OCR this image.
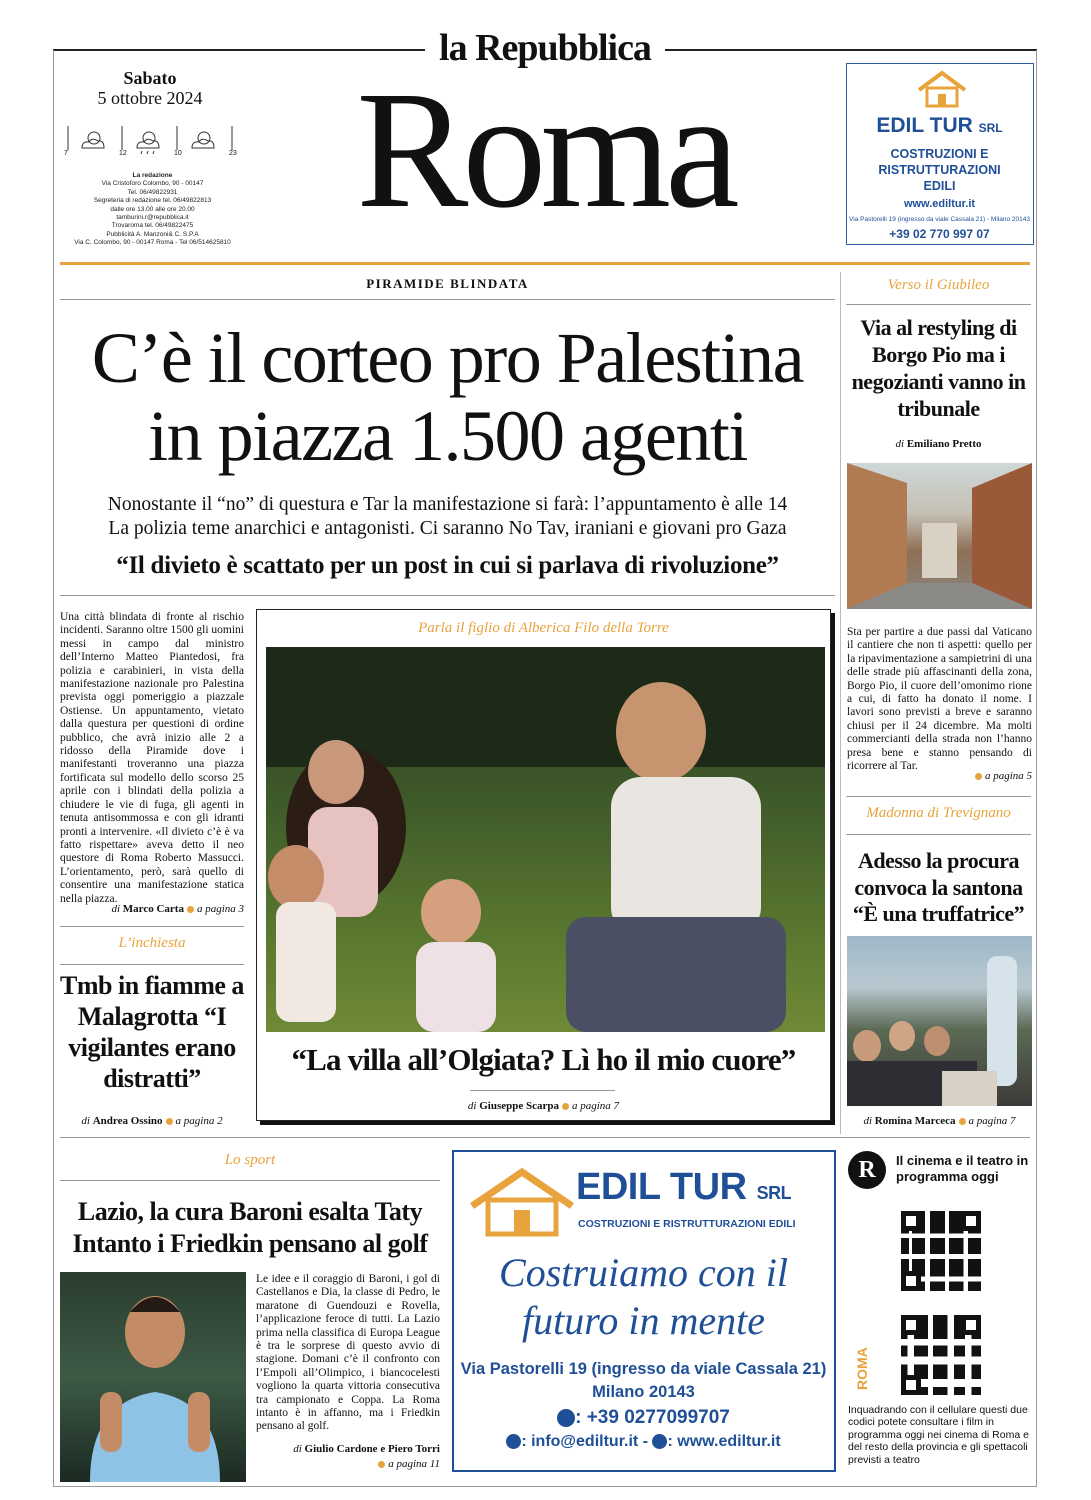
la Repubblica
Sabato
5 ottobre 2024
7	12	10	23
La redazione
Via Cristoforo Colombo, 90 - 00147
Tel. 06/49822931
Segreteria di redazione tel. 06/49822813
dalle ore 13.00 alle ore 20.00
tamburini.r@repubblica.it
Trovaroma tel. 06/49822475
Pubblicità A. Manzoni& C. S.P.A
Via C. Colombo, 90 - 00147 Roma - Tel 06/514625810 Roma	EDIL TUR SRL
COSTRUZIONI E RISTRUTTURAZIONI EDILI
www.ediltur.it
Via Pastorelli 19 (ingresso da viale Cassala 21) - Milano 20143
+39 02 770 997 07
PIRAMIDE BLINDATA
C’è il corteo pro Palestina
in piazza 1.500 agenti
Nonostante il “no” di questura e Tar la manifestazione si farà: l’appuntamento è alle 14
La polizia teme anarchici e antagonisti. Ci saranno No Tav, iraniani e giovani pro Gaza
“Il divieto è scattato per un post in cui si parlava di rivoluzione”
Una città blindata di fronte al rischio incidenti. Saranno oltre 1500 gli uomini messi in campo dal ministro dell’Interno Matteo Piantedosi, fra polizia e carabinieri, in vista della manifestazione nazionale pro Palestina prevista oggi pomeriggio a piazzale Ostiense. Un appuntamento, vietato dalla questura per questioni di ordine pubblico, che avrà inizio alle 2 a ridosso della Piramide dove i manifestanti troveranno una piazza fortificata sul modello dello scorso 25 aprile con i blindati della polizia a chiudere le vie di fuga, gli agenti in tenuta antisommossa e con gli idranti pronti a intervenire. «Il divieto c’è è va fatto rispettare» aveva detto il neo questore di Roma Roberto Massucci. L’orientamento, però, sarà quello di consentire una manifestazione statica nella piazza.
di Marco Carta a pagina 3
L’inchiesta
Tmb in fiamme a Malagrotta “I vigilantes erano distratti”
di Andrea Ossino a pagina 2
Parla il figlio di Alberica Filo della Torre
“La villa all’Olgiata? Lì ho il mio cuore”
di Giuseppe Scarpa a pagina 7
Verso il Giubileo
Via al restyling di Borgo Pio ma i negozianti vanno in tribunale
di Emiliano Pretto
Sta per partire a due passi dal Vaticano il cantiere che non ti aspetti: quello per la ripavimentazione a sampietrini di una delle strade più affascinanti della zona, Borgo Pio, il cuore dell’omonimo rione a cui, di fatto ha donato il nome. I lavori sono previsti a breve e saranno chiusi per il 24 dicembre. Ma molti commercianti della strada non l’hanno presa bene e stanno pensando di ricorrere al Tar.
a pagina 5
Madonna di Trevignano
Adesso la procura convoca la santona “È una truffatrice”
di Romina Marceca a pagina 7
Lo sport
Lazio, la cura Baroni esalta Taty
Intanto i Friedkin pensano al golf
Le idee e il coraggio di Baroni, i gol di Castellanos e Dia, la classe di Pedro, le maratone di Guendouzi e Rovella, l’applicazione feroce di tutti. La Lazio prima nella classifica di Europa League è tra le sorprese di questo avvio di stagione. Domani c’è il confronto con l’Empoli all’Olimpico, i biancocelesti vogliono la quarta vittoria consecutiva tra campionato e Coppa. La Roma intanto è in affanno, ma i Friedkin pensano al golf.
di Giulio Cardone e Piero Torri
a pagina 11
EDIL TUR SRL
COSTRUZIONI E RISTRUTTURAZIONI EDILI
Costruiamo con il
futuro in mente
Via Pastorelli 19 (ingresso da viale Cassala 21)
Milano 20143
: +39 0277099707
: info@ediltur.it - : www.ediltur.it
R	Il cinema e il teatro in programma oggi
ROMA
Inquadrando con il cellulare questi due codici potete consultare i film in programma oggi nei cinema di Roma e del resto della provincia e gli spettacoli previsti a teatro
